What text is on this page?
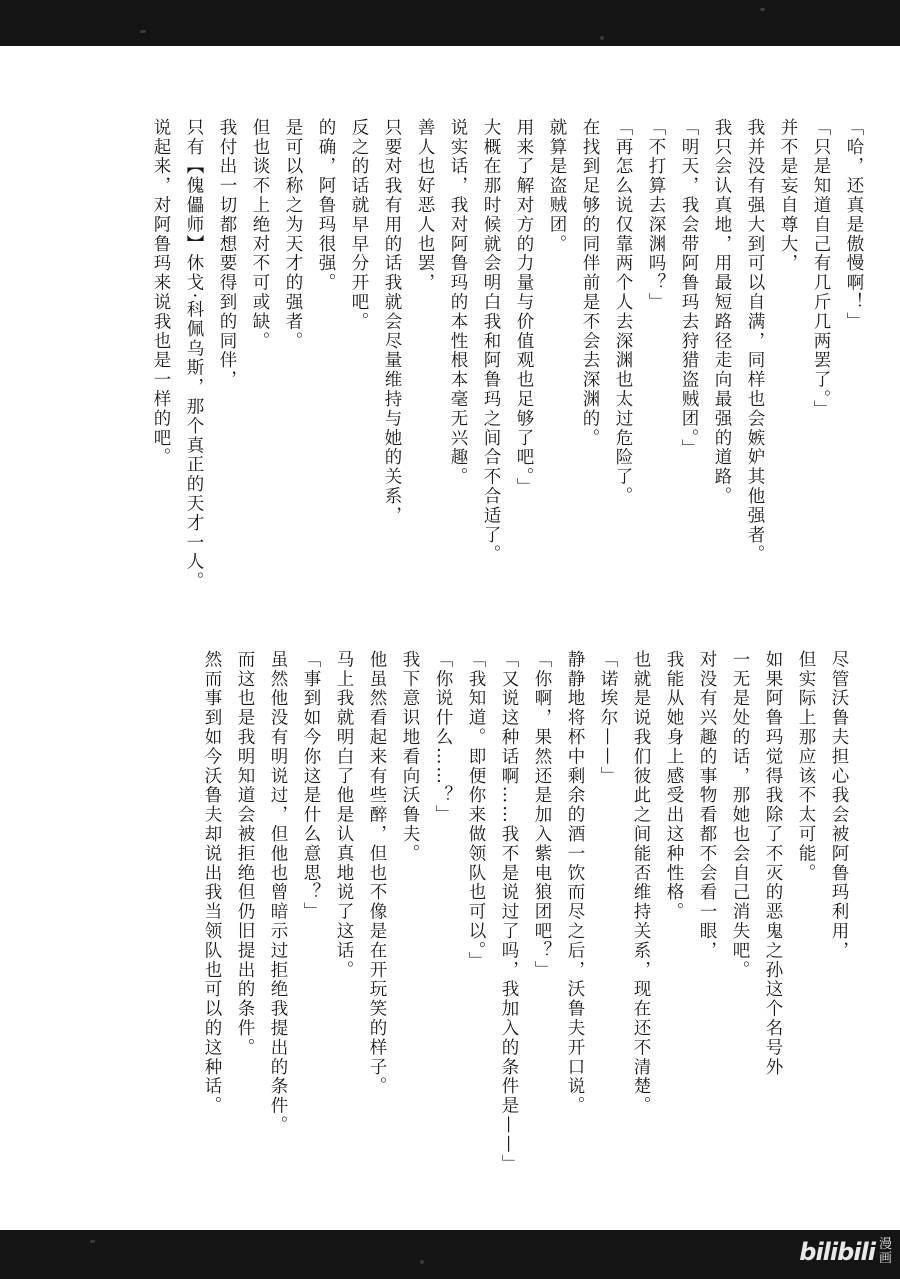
「哈，还真是傲慢啊！」

「只是知道自己有几斤几两罢了。」

并不是妄自尊大，

我并没有强大到可以自满，同样也会嫉妒其他强者。

我只会认真地，用最短路径走向最强的道路。

「明天，我会带阿鲁玛去狩猎盗贼团。」

「不打算去深渊吗？」

「再怎么说仅靠两个人去深渊也太过危险了。

在找到足够的同伴前是不会去深渊的。

就算是盗贼团。

用来了解对方的力量与价值观也足够了吧。」

大概在那时候就会明白我和阿鲁玛之间合不合适了。

说实话，我对阿鲁玛的本性根本毫无兴趣。

善人也好恶人也罢，

只要对我有用的话我就会尽量维持与她的关系，

反之的话就早早分开吧。

的确，阿鲁玛很强。

是可以称之为天才的强者。

但也谈不上绝对不可或缺。

我付出一切都想要得到的同伴，

只有【傀儡师】休戈·科佩乌斯，那个真正的天才一人。

说起来，对阿鲁玛来说我也是一样的吧。

尽管沃鲁夫担心我会被阿鲁玛利用，

但实际上那应该不太可能。

如果阿鲁玛觉得我除了不灭的恶鬼之孙这个名号外

一无是处的话，那她也会自己消失吧。

对没有兴趣的事物看都不会看一眼，

我能从她身上感受出这种性格。

也就是说我们彼此之间能否维持关系，现在还不清楚。

「诺埃尔——」

静静地将杯中剩余的酒一饮而尽之后，沃鲁夫开口说。

「你啊，果然还是加入紫电狼团吧？」

「又说这种话啊……我不是说过了吗，我加入的条件是——」

「我知道。即便你来做领队也可以。」

「你说什么……？」

我下意识地看向沃鲁夫。

他虽然看起来有些醉，但也不像是在开玩笑的样子。

马上我就明白了他是认真地说了这话。

「事到如今你这是什么意思？」

虽然他没有明说过，但他也曾暗示过拒绝我提出的条件。

而这也是我明知道会被拒绝但仍旧提出的条件。

然而事到如今沃鲁夫却说出我当领队也可以的这种话。

bilibili 漫
画
